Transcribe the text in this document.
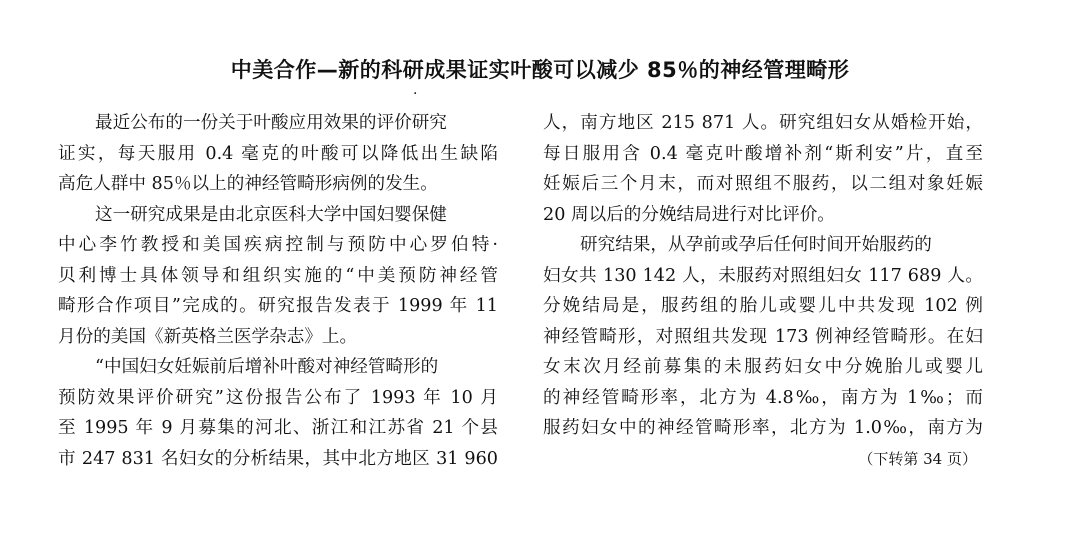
中美合作—新的科研成果证实叶酸可以减少 85％的神经管理畸形
·
最近公布的一份关于叶酸应用效果的评价研究
证实，每天服用 0.4 毫克的叶酸可以降低出生缺陷
高危人群中 85％以上的神经管畸形病例的发生。
这一研究成果是由北京医科大学中国妇婴保健
中心李竹教授和美国疾病控制与预防中心罗伯特·
贝利博士具体领导和组织实施的“中美预防神经管
畸形合作项目”完成的。研究报告发表于 1999 年 11
月份的美国《新英格兰医学杂志》上。
“中国妇女妊娠前后增补叶酸对神经管畸形的
预防效果评价研究”这份报告公布了 1993 年 10 月
至 1995 年 9 月募集的河北、浙江和江苏省 21 个县
市 247 831 名妇女的分析结果，其中北方地区 31 960
人，南方地区 215 871 人。研究组妇女从婚检开始，
每日服用含 0.4 毫克叶酸增补剂“斯利安”片，直至
妊娠后三个月末，而对照组不服药，以二组对象妊娠
20 周以后的分娩结局进行对比评价。
研究结果，从孕前或孕后任何时间开始服药的
妇女共 130 142 人，未服药对照组妇女 117 689 人。
分娩结局是，服药组的胎儿或婴儿中共发现 102 例
神经管畸形，对照组共发现 173 例神经管畸形。在妇
女末次月经前募集的未服药妇女中分娩胎儿或婴儿
的神经管畸形率，北方为 4.8‰，南方为 1‰；而
服药妇女中的神经管畸形率，北方为 1.0‰，南方为
（下转第 34 页）
